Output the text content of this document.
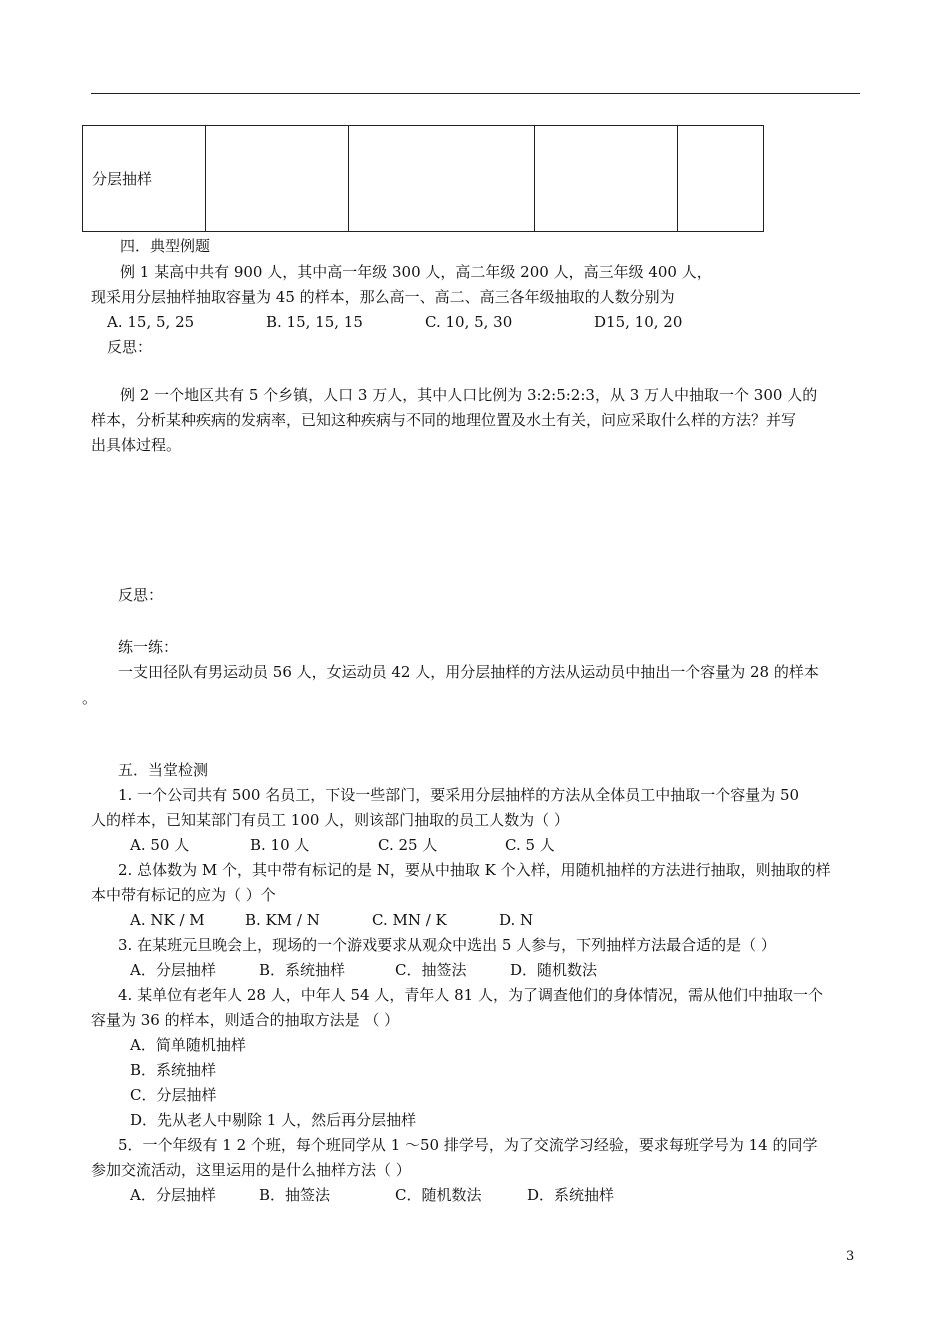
分层抽样				
四．典型例题
例 1 某高中共有 900 人，其中高一年级 300 人，高二年级 200 人，高三年级 400 人，
现采用分层抽样抽取容量为 45 的样本，那么高一、高二、高三各年级抽取的人数分别为
A. 15, 5, 25	B. 15, 15, 15	C. 10, 5, 30	D15, 10, 20
反思：
例 2 一个地区共有 5 个乡镇，人口 3 万人，其中人口比例为 3:2:5:2:3，从 3 万人中抽取一个 300 人的
样本，分析某种疾病的发病率，已知这种疾病与不同的地理位置及水土有关，问应采取什么样的方法？并写
出具体过程。
反思：
练一练：
一支田径队有男运动员 56 人，女运动员 42 人，用分层抽样的方法从运动员中抽出一个容量为 28 的样本
。
五．当堂检测
1. 一个公司共有 500 名员工，下设一些部门，要采用分层抽样的方法从全体员工中抽取一个容量为 50
人的样本，已知某部门有员工 100 人，则该部门抽取的员工人数为（ ）
A. 50 人	B. 10 人	C. 25 人	C. 5 人
2. 总体数为 M 个，其中带有标记的是 N，要从中抽取 K 个入样，用随机抽样的方法进行抽取，则抽取的样
本中带有标记的应为（ ）个
A. NK / M	B. KM / N	C. MN / K	D. N
3. 在某班元旦晚会上，现场的一个游戏要求从观众中选出 5 人参与，下列抽样方法最合适的是（ ）
A．分层抽样	B．系统抽样	C．抽签法	D．随机数法
4. 某单位有老年人 28 人，中年人 54 人，青年人 81 人，为了调查他们的身体情况，需从他们中抽取一个
容量为 36 的样本，则适合的抽取方法是 （ ）
A．简单随机抽样
B．系统抽样
C．分层抽样
D．先从老人中剔除 1 人，然后再分层抽样
5．一个年级有 1 2 个班，每个班同学从 1 ～50 排学号，为了交流学习经验，要求每班学号为 14 的同学
参加交流活动，这里运用的是什么抽样方法（ ）
A．分层抽样	B．抽签法	C．随机数法	D．系统抽样
3
